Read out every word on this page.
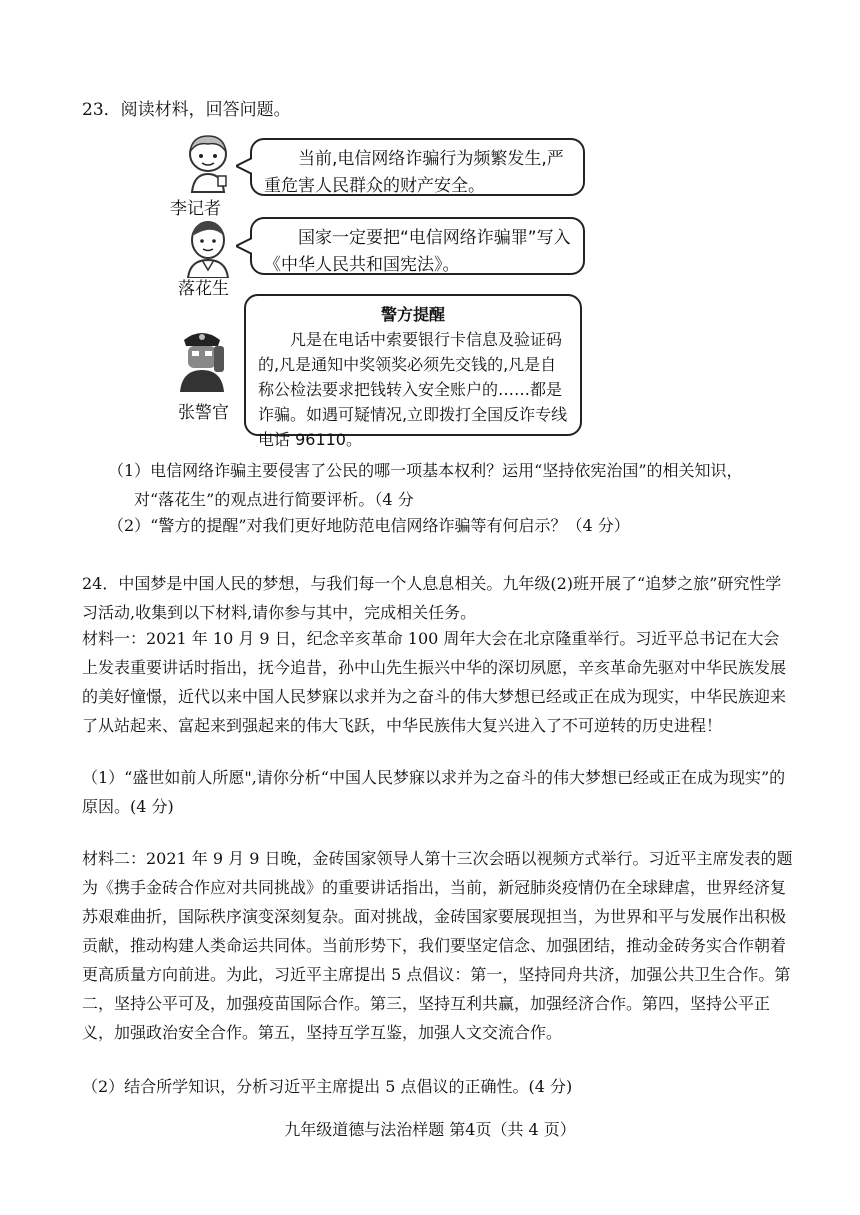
23．阅读材料，回答问题。
李记者
落花生
张警官
当前,电信网络诈骗行为频繁发生,严重危害人民群众的财产安全。
国家一定要把“电信网络诈骗罪”写入《中华人民共和国宪法》。
警方提醒
凡是在电话中索要银行卡信息及验证码的,凡是通知中奖领奖必须先交钱的,凡是自称公检法要求把钱转入安全账户的……都是诈骗。如遇可疑情况,立即拨打全国反诈专线电话 96110。
（1）电信网络诈骗主要侵害了公民的哪一项基本权利？运用“坚持依宪治国”的相关知识，
对“落花生”的观点进行简要评析。（4 分
（2）“警方的提醒”对我们更好地防范电信网络诈骗等有何启示？（4 分）
24．中国梦是中国人民的梦想，与我们每一个人息息相关。九年级(2)班开展了“追梦之旅”研究性学习活动,收集到以下材料,请你参与其中，完成相关任务。
材料一：2021 年 10 月 9 日，纪念辛亥革命 100 周年大会在北京隆重举行。习近平总书记在大会上发表重要讲话时指出，抚今追昔，孙中山先生振兴中华的深切夙愿，辛亥革命先驱对中华民族发展的美好憧憬，近代以来中国人民梦寐以求并为之奋斗的伟大梦想已经或正在成为现实，中华民族迎来了从站起来、富起来到强起来的伟大飞跃，中华民族伟大复兴进入了不可逆转的历史进程！
（1）“盛世如前人所愿",请你分析“中国人民梦寐以求并为之奋斗的伟大梦想已经或正在成为现实”的原因。(4 分)
材料二：2021 年 9 月 9 日晚，金砖国家领导人第十三次会晤以视频方式举行。习近平主席发表的题为《携手金砖合作应对共同挑战》的重要讲话指出，当前，新冠肺炎疫情仍在全球肆虐，世界经济复苏艰难曲折，国际秩序演变深刻复杂。面对挑战，金砖国家要展现担当，为世界和平与发展作出积极贡献，推动构建人类命运共同体。当前形势下，我们要坚定信念、加强团结，推动金砖务实合作朝着更高质量方向前进。为此，习近平主席提出 5 点倡议：第一，坚持同舟共济，加强公共卫生合作。第二，坚持公平可及，加强疫苗国际合作。第三，坚持互利共赢，加强经济合作。第四，坚持公平正义，加强政治安全合作。第五，坚持互学互鉴，加强人文交流合作。
（2）结合所学知识，分析习近平主席提出 5 点倡议的正确性。(4 分)
九年级道德与法治样题 第4页（共 4 页）
